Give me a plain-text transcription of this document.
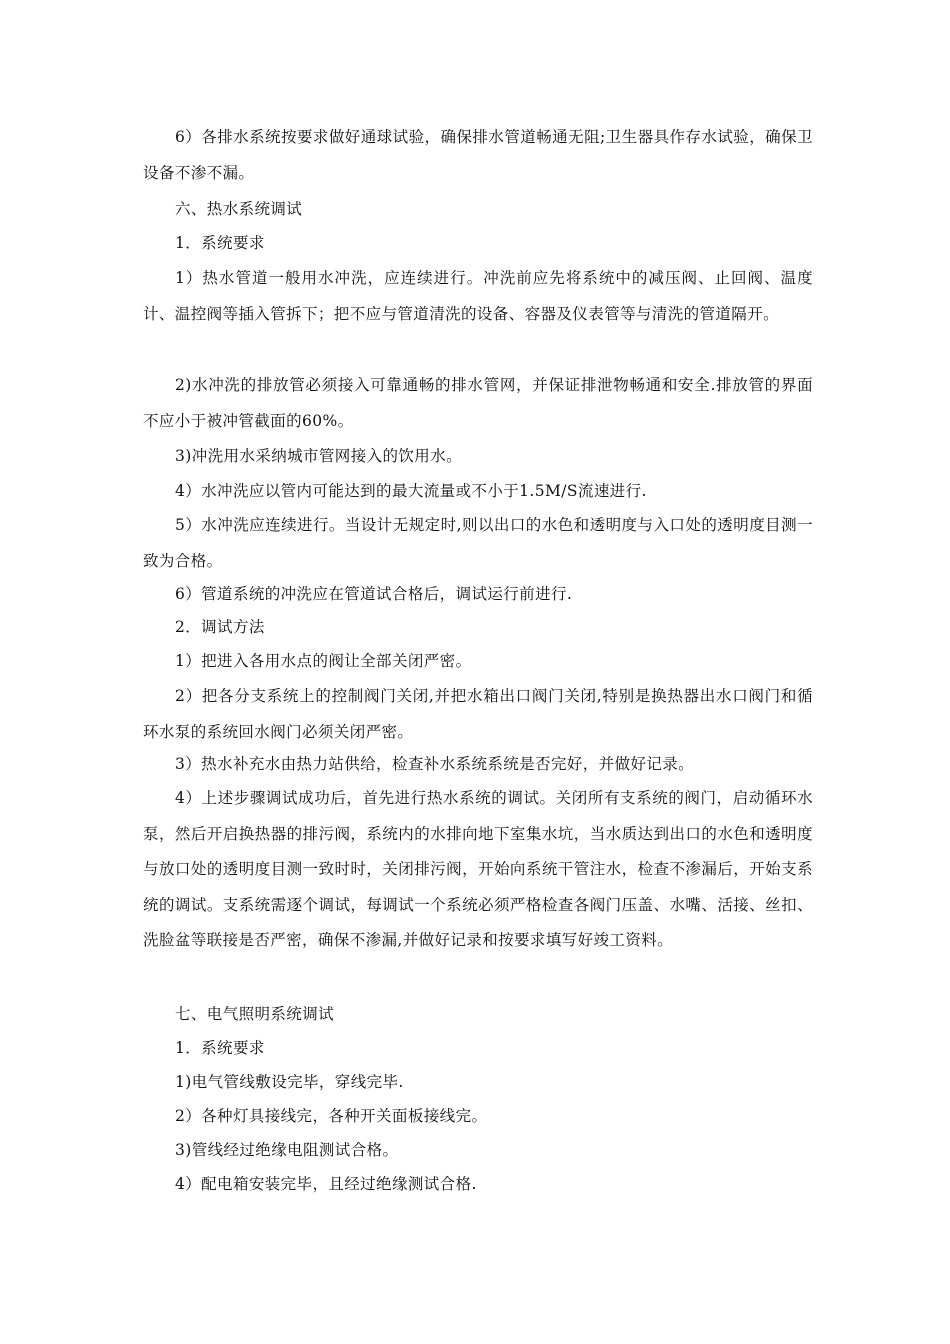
6）各排水系统按要求做好通球试验，确保排水管道畅通无阻;卫生器具作存水试验，确保卫设备不渗不漏。

六、热水系统调试

1．系统要求

1）热水管道一般用水冲洗，应连续进行。冲洗前应先将系统中的减压阀、止回阀、温度计、温控阀等插入管拆下；把不应与管道清洗的设备、容器及仪表管等与清洗的管道隔开。

2)水冲洗的排放管必须接入可靠通畅的排水管网，并保证排泄物畅通和安全.排放管的界面不应小于被冲管截面的60%。

3)冲洗用水采纳城市管网接入的饮用水。

4）水冲洗应以管内可能达到的最大流量或不小于1.5M/S流速进行.

5）水冲洗应连续进行。当设计无规定时,则以出口的水色和透明度与入口处的透明度目测一致为合格。

6）管道系统的冲洗应在管道试合格后，调试运行前进行.

2．调试方法

1）把进入各用水点的阀让全部关闭严密。

2）把各分支系统上的控制阀门关闭,并把水箱出口阀门关闭,特别是换热器出水口阀门和循环水泵的系统回水阀门必须关闭严密。

3）热水补充水由热力站供给，检查补水系统系统是否完好，并做好记录。

4）上述步骤调试成功后，首先进行热水系统的调试。关闭所有支系统的阀门，启动循环水泵，然后开启换热器的排污阀，系统内的水排向地下室集水坑，当水质达到出口的水色和透明度与放口处的透明度目测一致时时，关闭排污阀，开始向系统干管注水，检查不渗漏后，开始支系统的调试。支系统需逐个调试，每调试一个系统必须严格检查各阀门压盖、水嘴、活接、丝扣、洗脸盆等联接是否严密，确保不渗漏,并做好记录和按要求填写好竣工资料。

七、电气照明系统调试

1．系统要求

1)电气管线敷设完毕，穿线完毕.

2）各种灯具接线完，各种开关面板接线完。

3)管线经过绝缘电阻测试合格。

4）配电箱安装完毕，且经过绝缘测试合格.
